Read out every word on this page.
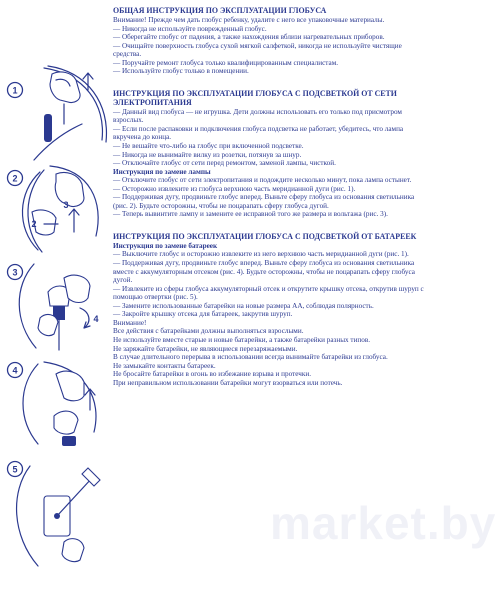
1
2
3
2
4
3
4
5

ОБЩАЯ ИНСТРУКЦИЯ ПО ЭКСПЛУАТАЦИИ ГЛОБУСА

Внимание! Прежде чем дать глобус ребенку, удалите с него все упаковочные материалы.

— Никогда не используйте поврежденный глобус.

— Оберегайте глобус от падения, а также нахождения вблизи нагревательных приборов.

— Очищайте поверхность глобуса сухой мягкой салфеткой, никогда не используйте чистящие средства.

— Поручайте ремонт глобуса только квалифицированным специалистам.

— Используйте глобус только в помещении.

ИНСТРУКЦИЯ ПО ЭКСПЛУАТАЦИИ ГЛОБУСА С ПОДСВЕТКОЙ ОТ СЕТИ ЭЛЕКТРОПИТАНИЯ

— Данный вид глобуса — не игрушка. Дети должны использовать его только под присмотром взрослых.

— Если после распаковки и подключения глобуса подсветка не работает, убедитесь, что лампа вкручена до конца.

— Не вешайте что-либо на глобус при включенной подсветке.

— Никогда не вынимайте вилку из розетки, потянув за шнур.

— Отключайте глобус от сети перед ремонтом, заменой лампы, чисткой.

Инструкция по замене лампы

— Отключите глобус от сети электропитания и подождите несколько минут, пока лампа остынет.

— Осторожно извлеките из глобуса верхнюю часть меридианной дуги (рис. 1).

— Поддерживая дугу, продвиньте глобус вперед. Выньте сферу глобуса из основания светильника (рис. 2). Будьте осторожны, чтобы не поцарапать сферу глобуса дугой.

— Теперь вывинтите лампу и замените ее исправной того же размера и вольтажа (рис. 3).

ИНСТРУКЦИЯ ПО ЭКСПЛУАТАЦИИ ГЛОБУСА С ПОДСВЕТКОЙ ОТ БАТАРЕЕК

Инструкция по замене батареек

— Выключите глобус и осторожно извлеките из него верхнюю часть меридианной дуги (рис. 1).

— Поддерживая дугу, продвиньте глобус вперед. Выньте сферу глобуса из основания светильника вместе с аккумуляторным отсеком (рис. 4). Будьте осторожны, чтобы не поцарапать сферу глобуса дугой.

— Извлеките из сферы глобуса аккумуляторный отсек и открутите крышку отсека, открутив шуруп с помощью отвертки (рис. 5).

— Замените использованные батарейки на новые размера АА, соблюдая полярность.

— Закройте крышку отсека для батареек, закрутив шуруп.

Внимание!

Все действия с батарейками должны выполняться взрослыми.

Не используйте вместе старые и новые батарейки, а также батарейки разных типов.

Не заряжайте батарейки, не являющиеся перезаряжаемыми.

В случае длительного перерыва в использовании всегда вынимайте батарейки из глобуса.

Не замыкайте контакты батареек.

Не бросайте батарейки в огонь во избежание взрыва и протечки.

При неправильном использовании батарейки могут взорваться или потечь.

market.by
